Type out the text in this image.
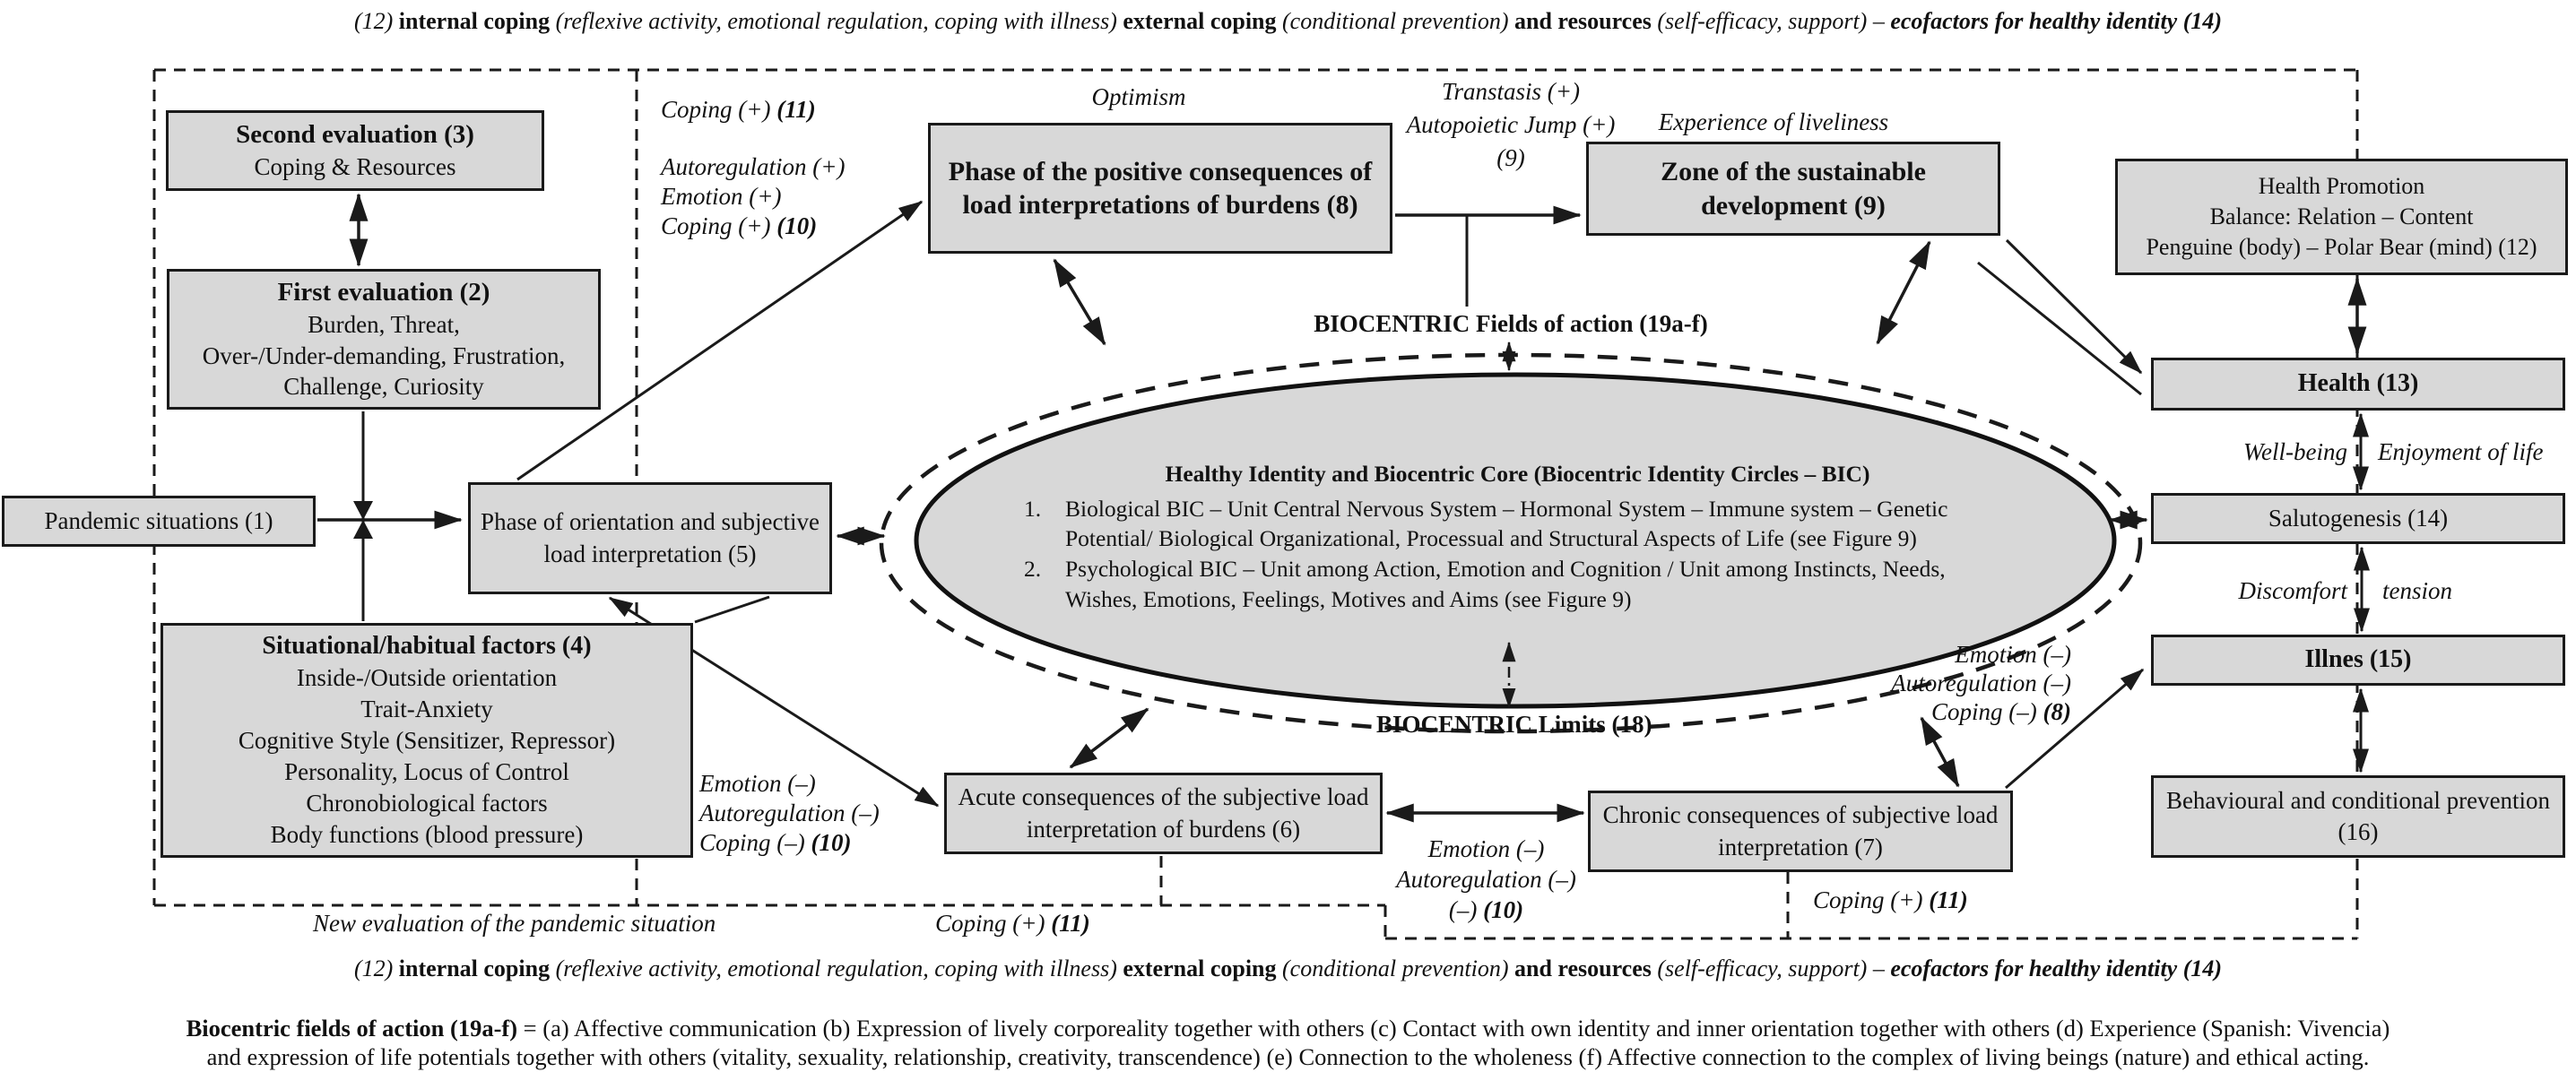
(12) internal coping (reflexive activity, emotional regulation, coping with illness) external coping (conditional prevention) and resources (self-efficacy, support) – ecofactors for healthy identity (14)
(12) internal coping (reflexive activity, emotional regulation, coping with illness) external coping (conditional prevention) and resources (self-efficacy, support) – ecofactors for healthy identity (14)
Second evaluation (3)
Coping & Resources
First evaluation (2)
Burden, Threat,
Over-/Under-demanding, Frustration,
Challenge, Curiosity
Pandemic situations (1)	Phase of orientation and subjective load interpretation (5)
Situational/habitual factors (4)
Inside-/Outside orientation
Trait-Anxiety
Cognitive Style (Sensitizer, Repressor)
Personality, Locus of Control
Chronobiological factors
Body functions (blood pressure)
Phase of the positive consequences of load interpretations of burdens (8)
Zone of the sustainable development (9)
Health Promotion
Balance: Relation – Content
Penguine (body) – Polar Bear (mind) (12)
Health (13)
Salutogenesis (14)
Illnes (15)
Behavioural and conditional prevention (16)
Acute consequences of the subjective load interpretation of burdens (6)
Chronic consequences of subjective load interpretation (7)
Healthy Identity and Biocentric Core (Biocentric Identity Circles – BIC)
1.	Biological BIC – Unit Central Nervous System – Hormonal System – Immune system – Genetic Potential/ Biological Organizational, Processual and Structural Aspects of Life (see Figure 9)
2.	Psychological BIC – Unit among Action, Emotion and Cognition / Unit among Instincts, Needs, Wishes, Emotions, Feelings, Motives and Aims (see Figure 9)
BIOCENTRIC Fields of action (19a-f)
BIOCENTRIC Limits (18)
Optimism
Coping (+) (11)
Autoregulation (+)
Emotion (+)
Coping (+) (10)
Transtasis (+)
Autopoietic Jump (+)
(9)
Experience of liveliness
Well-being Enjoyment of life
Discomfort tension
Emotion (–)
Autoregulation (–)
Coping (–) (8)
Emotion (–)
Autoregulation (–)
Coping (–) (10)	Emotion (–)
Autoregulation (–)
(–) (10)	Coping (+) (11)
Coping (+) (11)
New evaluation of the pandemic situation
Biocentric fields of action (19a-f) = (a) Affective communication (b) Expression of lively corporeality together with others (c) Contact with own identity and inner orientation together with others (d) Experience (Spanish: Vivencia)
and expression of life potentials together with others (vitality, sexuality, relationship, creativity, transcendence) (e) Connection to the wholeness (f) Affective connection to the complex of living beings (nature) and ethical acting.
